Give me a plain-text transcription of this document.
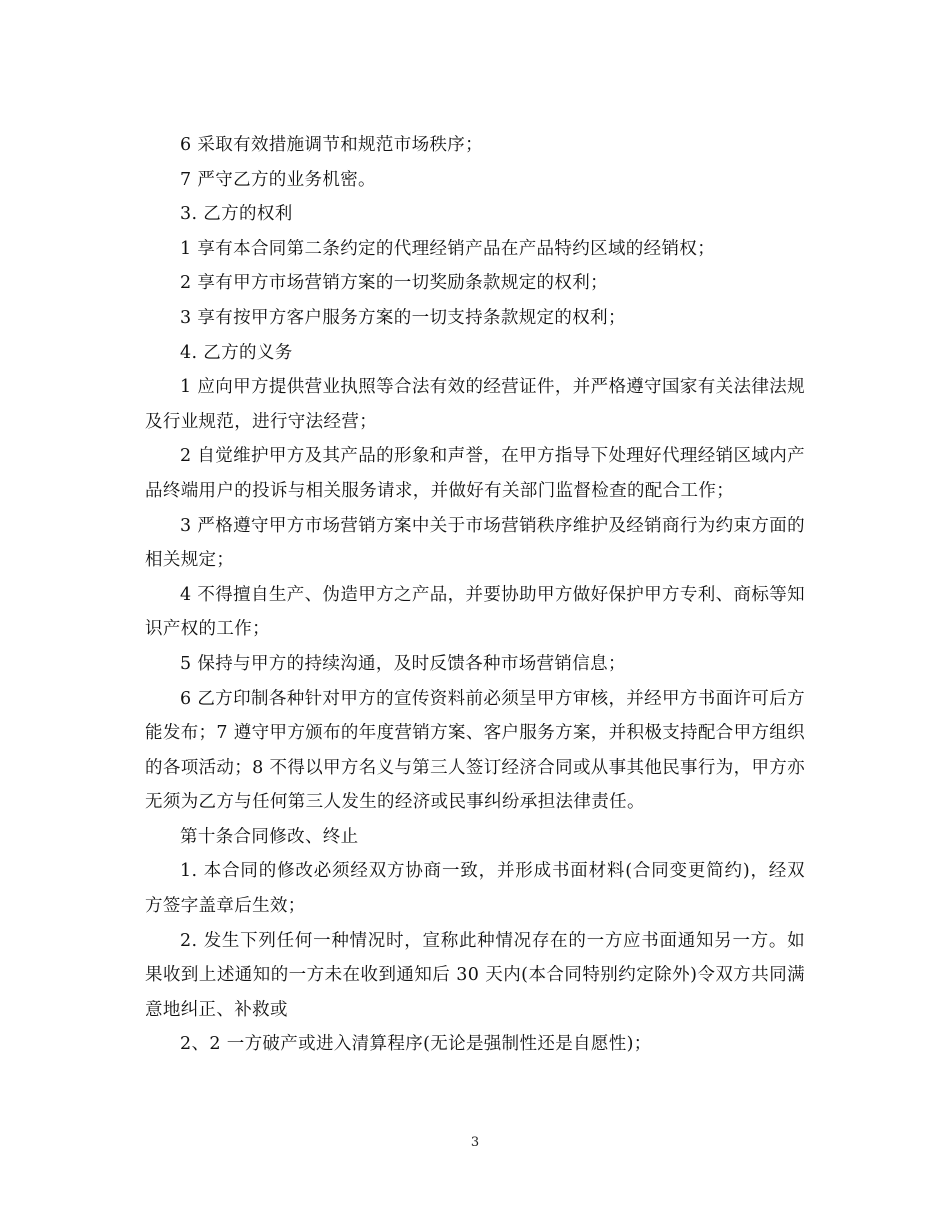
6 采取有效措施调节和规范市场秩序；

7 严守乙方的业务机密。

3. 乙方的权利

1 享有本合同第二条约定的代理经销产品在产品特约区域的经销权；

2 享有甲方市场营销方案的一切奖励条款规定的权利；

3 享有按甲方客户服务方案的一切支持条款规定的权利；

4. 乙方的义务

1 应向甲方提供营业执照等合法有效的经营证件，并严格遵守国家有关法律法规及行业规范，进行守法经营；

2 自觉维护甲方及其产品的形象和声誉，在甲方指导下处理好代理经销区域内产品终端用户的投诉与相关服务请求，并做好有关部门监督检查的配合工作；

3 严格遵守甲方市场营销方案中关于市场营销秩序维护及经销商行为约束方面的相关规定；

4 不得擅自生产、伪造甲方之产品，并要协助甲方做好保护甲方专利、商标等知识产权的工作；

5 保持与甲方的持续沟通，及时反馈各种市场营销信息；

6 乙方印制各种针对甲方的宣传资料前必须呈甲方审核，并经甲方书面许可后方能发布；7 遵守甲方颁布的年度营销方案、客户服务方案，并积极支持配合甲方组织的各项活动；8 不得以甲方名义与第三人签订经济合同或从事其他民事行为，甲方亦无须为乙方与任何第三人发生的经济或民事纠纷承担法律责任。

第十条合同修改、终止

1. 本合同的修改必须经双方协商一致，并形成书面材料(合同变更简约)，经双方签字盖章后生效；

2. 发生下列任何一种情况时，宣称此种情况存在的一方应书面通知另一方。如果收到上述通知的一方未在收到通知后 30 天内(本合同特别约定除外)令双方共同满意地纠正、补救或

2、2 一方破产或进入清算程序(无论是强制性还是自愿性)；

3
